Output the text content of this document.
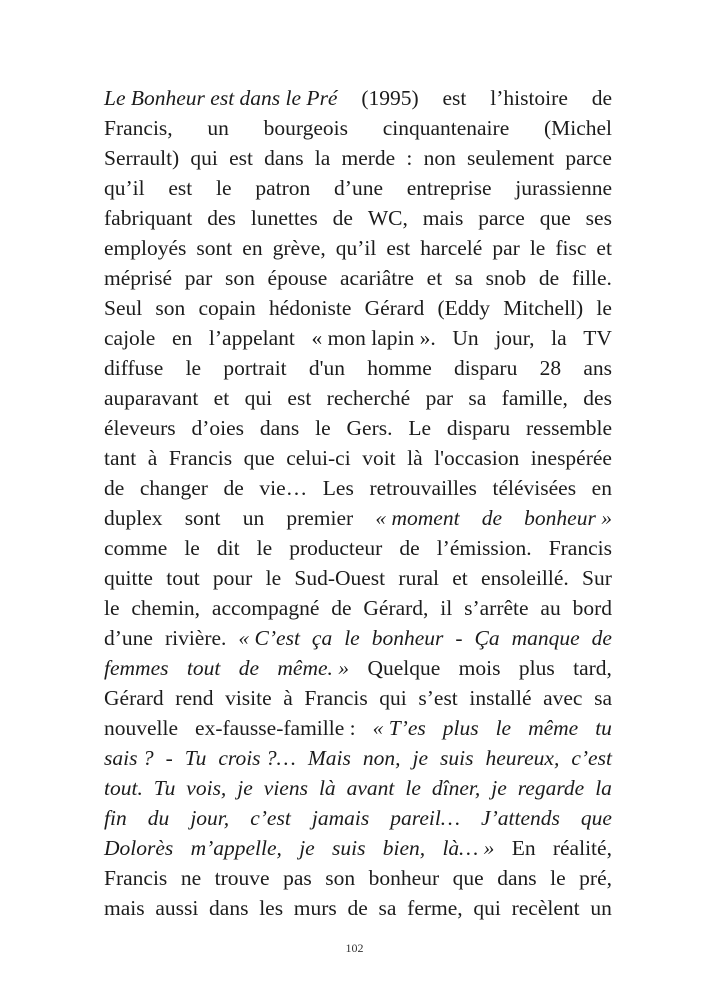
Le Bonheur est dans le Pré (1995) est l’histoire de
Francis, un bourgeois cinquantenaire (Michel
Serrault) qui est dans la merde : non seulement parce
qu’il est le patron d’une entreprise jurassienne
fabriquant des lunettes de WC, mais parce que ses
employés sont en grève, qu’il est harcelé par le fisc et
méprisé par son épouse acariâtre et sa snob de fille.
Seul son copain hédoniste Gérard (Eddy Mitchell) le
cajole en l’appelant « mon lapin ». Un jour, la TV
diffuse le portrait d'un homme disparu 28 ans
auparavant et qui est recherché par sa famille, des
éleveurs d’oies dans le Gers. Le disparu ressemble
tant à Francis que celui-ci voit là l'occasion inespérée
de changer de vie… Les retrouvailles télévisées en
duplex sont un premier « moment de bonheur »
comme le dit le producteur de l’émission. Francis
quitte tout pour le Sud-Ouest rural et ensoleillé. Sur
le chemin, accompagné de Gérard, il s’arrête au bord
d’une rivière. « C’est ça le bonheur - Ça manque de
femmes tout de même. » Quelque mois plus tard,
Gérard rend visite à Francis qui s’est installé avec sa
nouvelle ex-fausse-famille : « T’es plus le même tu
sais ? - Tu crois ?… Mais non, je suis heureux, c’est
tout. Tu vois, je viens là avant le dîner, je regarde la
fin du jour, c’est jamais pareil… J’attends que
Dolorès m’appelle, je suis bien, là… » En réalité,
Francis ne trouve pas son bonheur que dans le pré,
mais aussi dans les murs de sa ferme, qui recèlent un
102
